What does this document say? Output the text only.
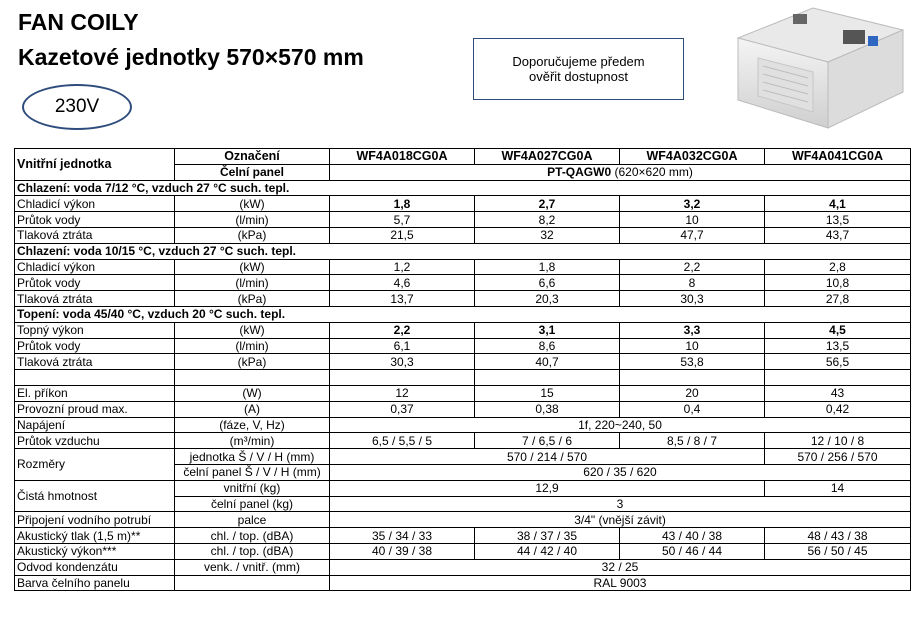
FAN COILY
Kazetové jednotky 570×570 mm
230V
Doporučujeme předem ověřit dostupnost
Vnitřní jednotka	Označení	WF4A018CG0A	WF4A027CG0A	WF4A032CG0A	WF4A041CG0A
	Čelní panel	PT-QAGW0 (620×620 mm)			
Chlazení: voda 7/12 °C, vzduch 27 °C such. tepl.					
Chladicí výkon	(kW)	1,8	2,7	3,2	4,1
Průtok vody	(l/min)	5,7	8,2	10	13,5
Tlaková ztráta	(kPa)	21,5	32	47,7	43,7
Chlazení: voda 10/15 °C, vzduch 27 °C such. tepl.					
Chladicí výkon	(kW)	1,2	1,8	2,2	2,8
Průtok vody	(l/min)	4,6	6,6	8	10,8
Tlaková ztráta	(kPa)	13,7	20,3	30,3	27,8
Topení: voda 45/40 °C, vzduch 20 °C such. tepl.					
Topný výkon	(kW)	2,2	3,1	3,3	4,5
Průtok vody	(l/min)	6,1	8,6	10	13,5
Tlaková ztráta	(kPa)	30,3	40,7	53,8	56,5

El. příkon	(W)	12	15	20	43
Provozní proud max.	(A)	0,37	0,38	0,4	0,42
Napájení	(fáze, V, Hz)	1f, 220~240, 50			
Průtok vzduchu	(m³/min)	6,5 / 5,5 / 5	7 / 6,5 / 6	8,5 / 8 / 7	12 / 10 / 8
Rozměry	jednotka Š / V / H (mm)	570 / 214 / 570			570 / 256 / 570
	čelní panel Š / V / H (mm)	620 / 35 / 620			
Čistá hmotnost	vnitřní (kg)	12,9			14
	čelní panel (kg)	3			
Připojení vodního potrubí	palce	3/4" (vnější závit)			
Akustický tlak (1,5 m)**	chl. / top. (dBA)	35 / 34 / 33	38 / 37 / 35	43 / 40 / 38	48 / 43 / 38
Akustický výkon***	chl. / top. (dBA)	40 / 39 / 38	44 / 42 / 40	50 / 46 / 44	56 / 50 / 45
Odvod kondenzátu	venk. / vnitř. (mm)	32 / 25			
Barva čelního panelu		RAL 9003			
